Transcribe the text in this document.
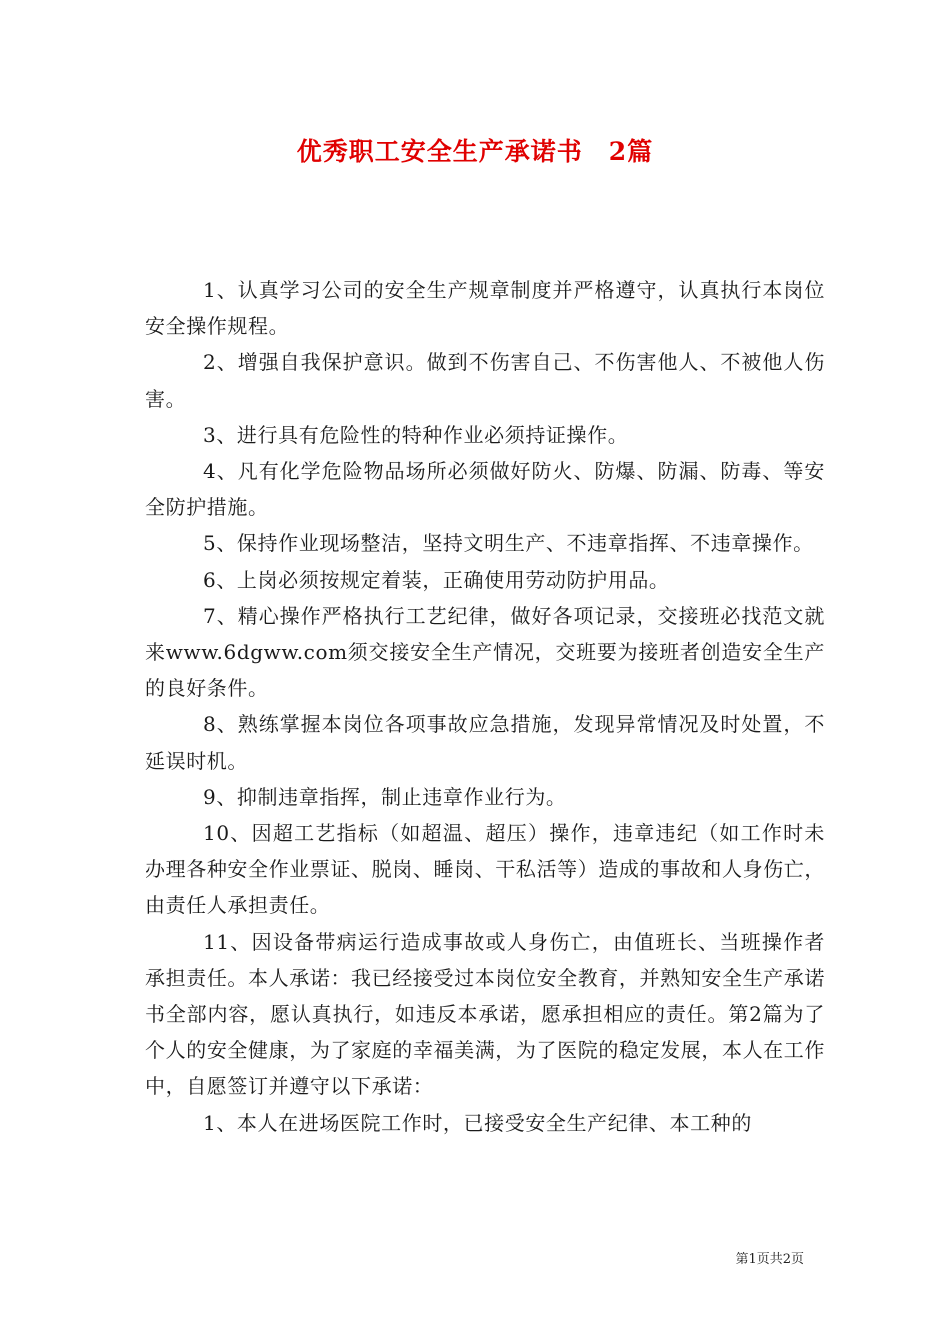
优秀职工安全生产承诺书　2篇

1、认真学习公司的安全生产规章制度并严格遵守，认真执行本岗位安全操作规程。

2、增强自我保护意识。做到不伤害自己、不伤害他人、不被他人伤害。

3、进行具有危险性的特种作业必须持证操作。

4、凡有化学危险物品场所必须做好防火、防爆、防漏、防毒、等安全防护措施。

5、保持作业现场整洁，坚持文明生产、不违章指挥、不违章操作。

6、上岗必须按规定着装，正确使用劳动防护用品。

7、精心操作严格执行工艺纪律，做好各项记录，交接班必找范文就来www.6dgww.com须交接安全生产情况，交班要为接班者创造安全生产的良好条件。

8、熟练掌握本岗位各项事故应急措施，发现异常情况及时处置，不延误时机。

9、抑制违章指挥，制止违章作业行为。

10、因超工艺指标（如超温、超压）操作，违章违纪（如工作时未办理各种安全作业票证、脱岗、睡岗、干私活等）造成的事故和人身伤亡，由责任人承担责任。

11、因设备带病运行造成事故或人身伤亡，由值班长、当班操作者承担责任。本人承诺：我已经接受过本岗位安全教育，并熟知安全生产承诺书全部内容，愿认真执行，如违反本承诺，愿承担相应的责任。第2篇为了个人的安全健康，为了家庭的幸福美满，为了医院的稳定发展，本人在工作中，自愿签订并遵守以下承诺：

1、本人在进场医院工作时，已接受安全生产纪律、本工种的

第1页共2页
